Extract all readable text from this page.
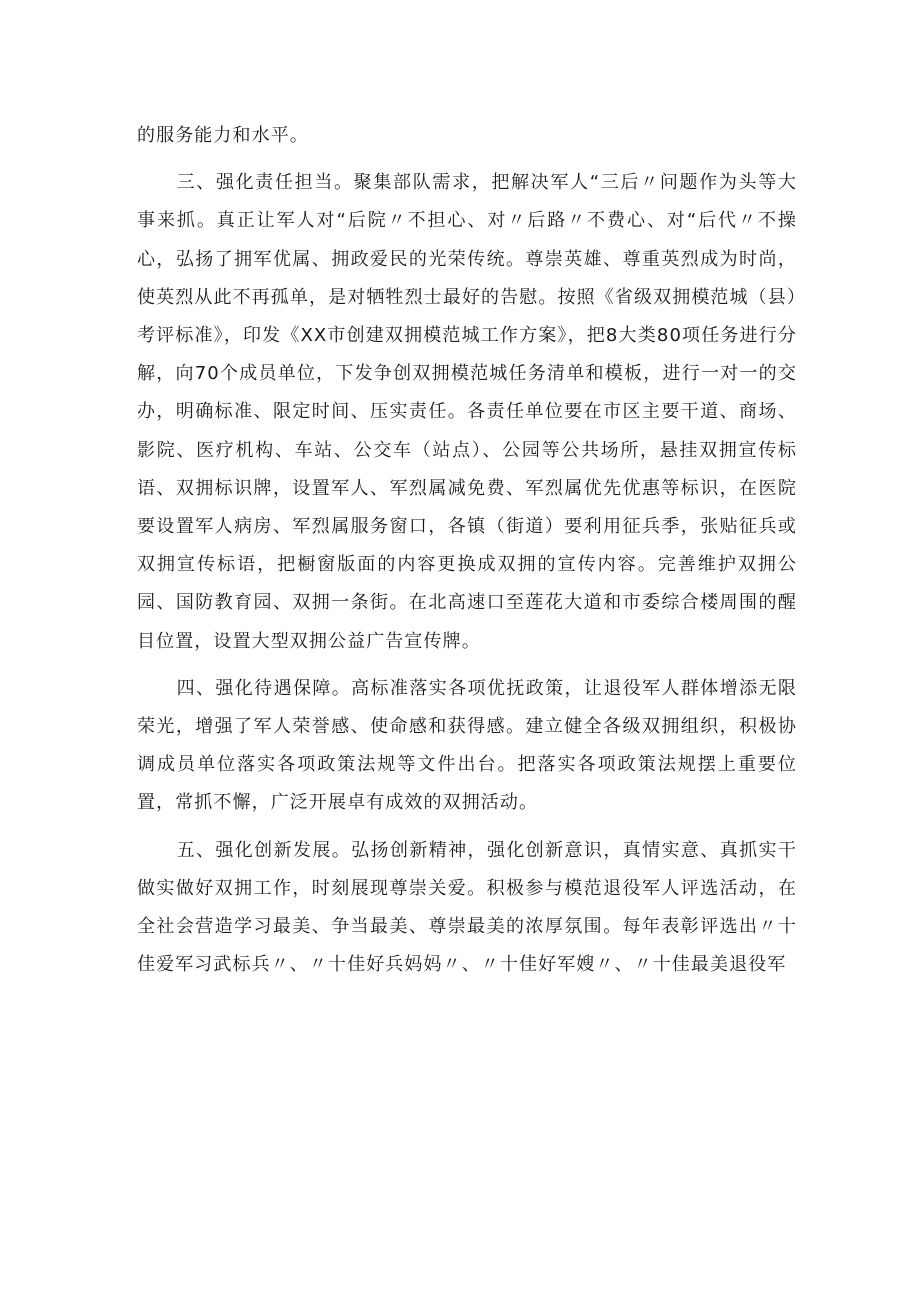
的服务能力和水平。

三、强化责任担当。聚集部队需求，把解决军人“三后〃问题作为头等大事来抓。真正让军人对“后院〃不担心、对〃后路〃不费心、对“后代〃不操心，弘扬了拥军优属、拥政爱民的光荣传统。尊崇英雄、尊重英烈成为时尚，使英烈从此不再孤单，是对牺牲烈士最好的告慰。按照《省级双拥模范城（县）考评标准》，印发《XX市创建双拥模范城工作方案》，把8大类80项任务进行分解，向70个成员单位，下发争创双拥模范城任务清单和模板，进行一对一的交办，明确标准、限定时间、压实责任。各责任单位要在市区主要干道、商场、影院、医疗机构、车站、公交车（站点）、公园等公共场所，悬挂双拥宣传标语、双拥标识牌，设置军人、军烈属减免费、军烈属优先优惠等标识，在医院要设置军人病房、军烈属服务窗口，各镇（街道）要利用征兵季，张贴征兵或双拥宣传标语，把橱窗版面的内容更换成双拥的宣传内容。完善维护双拥公园、国防教育园、双拥一条街。在北高速口至莲花大道和市委综合楼周围的醒目位置，设置大型双拥公益广告宣传牌。

四、强化待遇保障。高标准落实各项优抚政策，让退役军人群体增添无限荣光，增强了军人荣誉感、使命感和获得感。建立健全各级双拥组织，积极协调成员单位落实各项政策法规等文件出台。把落实各项政策法规摆上重要位置，常抓不懈，广泛开展卓有成效的双拥活动。

五、强化创新发展。弘扬创新精神，强化创新意识，真情实意、真抓实干做实做好双拥工作，时刻展现尊崇关爱。积极参与模范退役军人评选活动，在全社会营造学习最美、争当最美、尊崇最美的浓厚氛围。每年表彰评选出〃十佳爱军习武标兵〃、〃十佳好兵妈妈〃、〃十佳好军嫂〃、〃十佳最美退役军
